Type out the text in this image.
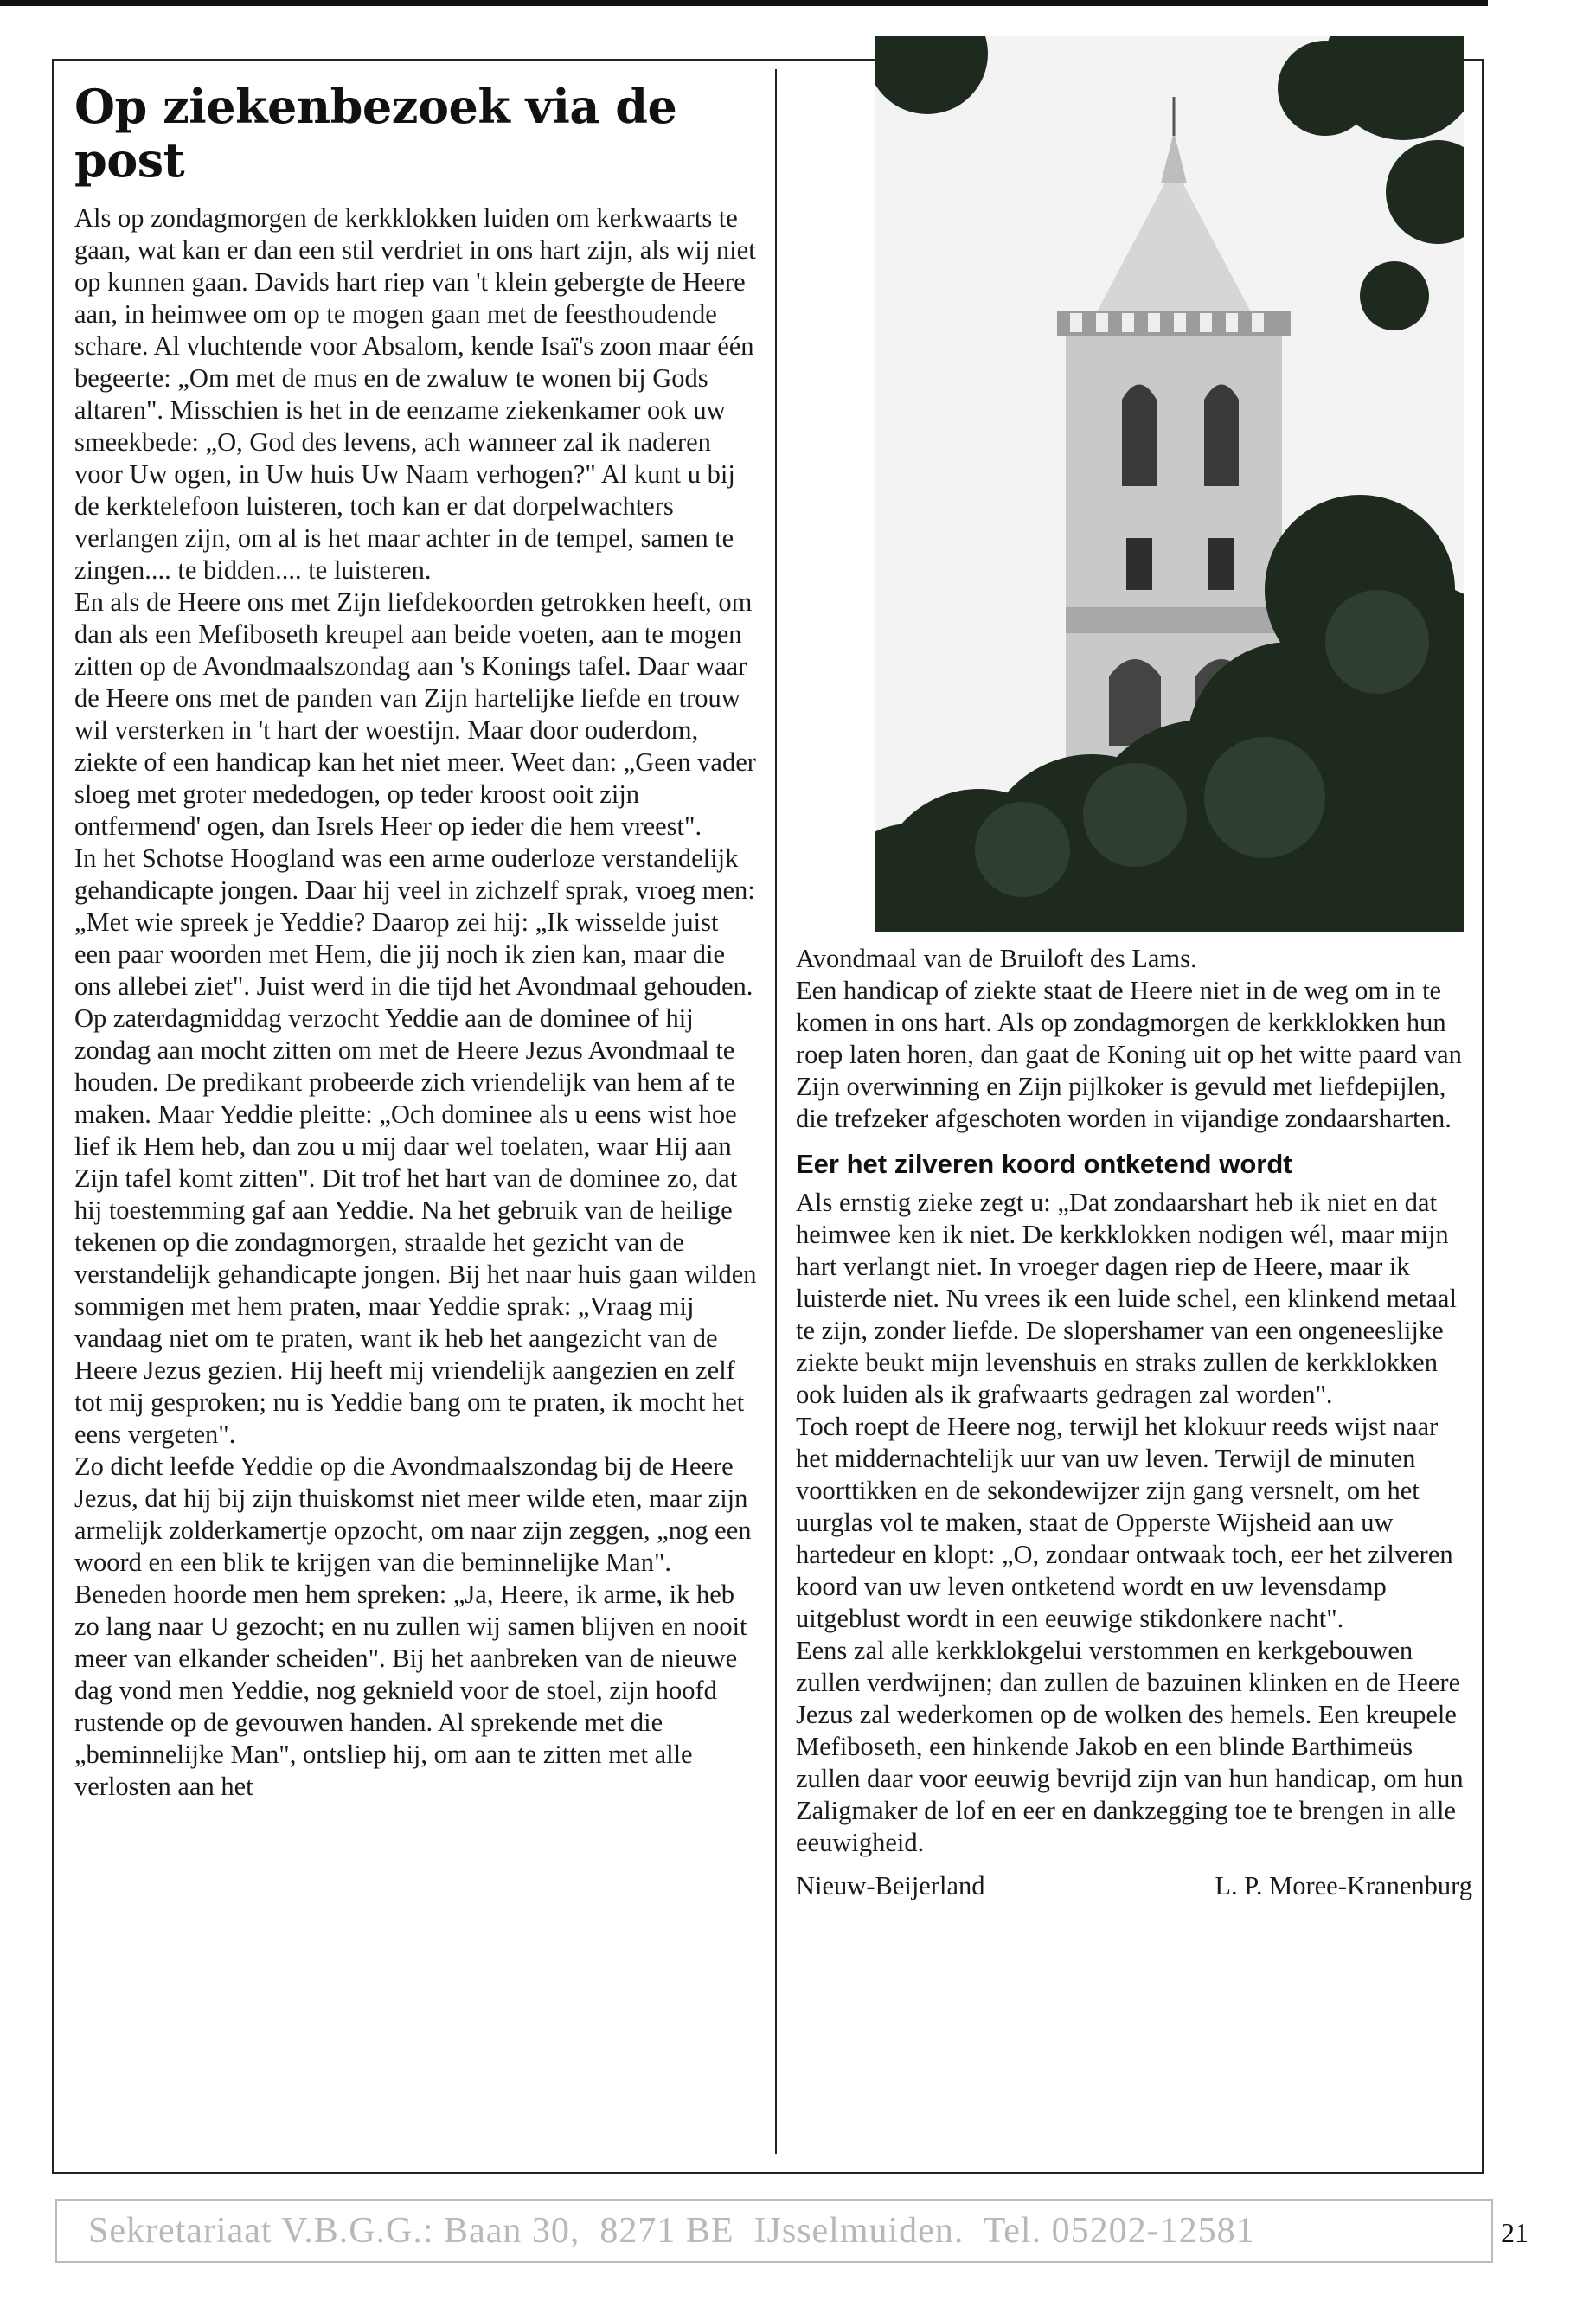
Op ziekenbezoek via de post

Als op zondagmorgen de kerkklokken luiden om kerkwaarts te gaan, wat kan er dan een stil verdriet in ons hart zijn, als wij niet op kunnen gaan. Davids hart riep van 't klein gebergte de Heere aan, in heimwee om op te mogen gaan met de feesthoudende schare. Al vluchtende voor Absalom, kende Isaï's zoon maar één begeerte: „Om met de mus en de zwaluw te wonen bij Gods altaren". Misschien is het in de eenzame ziekenkamer ook uw smeekbede: „O, God des levens, ach wanneer zal ik naderen voor Uw ogen, in Uw huis Uw Naam verhogen?" Al kunt u bij de kerktelefoon luisteren, toch kan er dat dorpelwachters verlangen zijn, om al is het maar achter in de tempel, samen te zingen.... te bidden.... te luisteren.

En als de Heere ons met Zijn liefdekoorden getrokken heeft, om dan als een Mefiboseth kreupel aan beide voeten, aan te mogen zitten op de Avondmaalszondag aan 's Konings tafel. Daar waar de Heere ons met de panden van Zijn hartelijke liefde en trouw wil versterken in 't hart der woestijn. Maar door ouderdom, ziekte of een handicap kan het niet meer. Weet dan: „Geen vader sloeg met groter mededogen, op teder kroost ooit zijn ontfermend' ogen, dan Isrels Heer op ieder die hem vreest".

In het Schotse Hoogland was een arme ouderloze verstandelijk gehandicapte jongen. Daar hij veel in zichzelf sprak, vroeg men: „Met wie spreek je Yeddie? Daarop zei hij: „Ik wisselde juist een paar woorden met Hem, die jij noch ik zien kan, maar die ons allebei ziet". Juist werd in die tijd het Avondmaal gehouden. Op zaterdagmiddag verzocht Yeddie aan de dominee of hij zondag aan mocht zitten om met de Heere Jezus Avondmaal te houden. De predikant probeerde zich vriendelijk van hem af te maken. Maar Yeddie pleitte: „Och dominee als u eens wist hoe lief ik Hem heb, dan zou u mij daar wel toelaten, waar Hij aan Zijn tafel komt zitten". Dit trof het hart van de dominee zo, dat hij toestemming gaf aan Yeddie. Na het gebruik van de heilige tekenen op die zondagmorgen, straalde het gezicht van de verstandelijk gehandicapte jongen. Bij het naar huis gaan wilden sommigen met hem praten, maar Yeddie sprak: „Vraag mij vandaag niet om te praten, want ik heb het aangezicht van de Heere Jezus gezien. Hij heeft mij vriendelijk aangezien en zelf tot mij gesproken; nu is Yeddie bang om te praten, ik mocht het eens vergeten".

Zo dicht leefde Yeddie op die Avondmaalszondag bij de Heere Jezus, dat hij bij zijn thuiskomst niet meer wilde eten, maar zijn armelijk zolderkamertje opzocht, om naar zijn zeggen, „nog een woord en een blik te krijgen van die beminnelijke Man". Beneden hoorde men hem spreken: „Ja, Heere, ik arme, ik heb zo lang naar U gezocht; en nu zullen wij samen blijven en nooit meer van elkander scheiden". Bij het aanbreken van de nieuwe dag vond men Yeddie, nog geknield voor de stoel, zijn hoofd rustende op de gevouwen handen. Al sprekende met die „beminnelijke Man", ontsliep hij, om aan te zitten met alle verlosten aan het

Avondmaal van de Bruiloft des Lams.

Een handicap of ziekte staat de Heere niet in de weg om in te komen in ons hart. Als op zondagmorgen de kerkklokken hun roep laten horen, dan gaat de Koning uit op het witte paard van Zijn overwinning en Zijn pijlkoker is gevuld met liefdepijlen, die trefzeker afgeschoten worden in vijandige zondaarsharten.

Eer het zilveren koord ontketend wordt

Als ernstig zieke zegt u: „Dat zondaarshart heb ik niet en dat heimwee ken ik niet. De kerkklokken nodigen wél, maar mijn hart verlangt niet. In vroeger dagen riep de Heere, maar ik luisterde niet. Nu vrees ik een luide schel, een klinkend metaal te zijn, zonder liefde. De slopershamer van een ongeneeslijke ziekte beukt mijn levenshuis en straks zullen de kerkklokken ook luiden als ik grafwaarts gedragen zal worden".

Toch roept de Heere nog, terwijl het klokuur reeds wijst naar het middernachtelijk uur van uw leven. Terwijl de minuten voorttikken en de sekondewijzer zijn gang versnelt, om het uurglas vol te maken, staat de Opperste Wijsheid aan uw hartedeur en klopt: „O, zondaar ontwaak toch, eer het zilveren koord van uw leven ontketend wordt en uw levensdamp uitgeblust wordt in een eeuwige stikdonkere nacht".

Eens zal alle kerkklokgelui verstommen en kerkgebouwen zullen verdwijnen; dan zullen de bazuinen klinken en de Heere Jezus zal wederkomen op de wolken des hemels. Een kreupele Mefiboseth, een hinkende Jakob en een blinde Barthimeüs zullen daar voor eeuwig bevrijd zijn van hun handicap, om hun Zaligmaker de lof en eer en dankzegging toe te brengen in alle eeuwigheid.

Nieuw-Beijerland	L. P. Moree-Kranenburg
Sekretariaat V.B.G.G.: Baan 30,  8271 BE  IJsselmuiden.  Tel. 05202-12581	21
